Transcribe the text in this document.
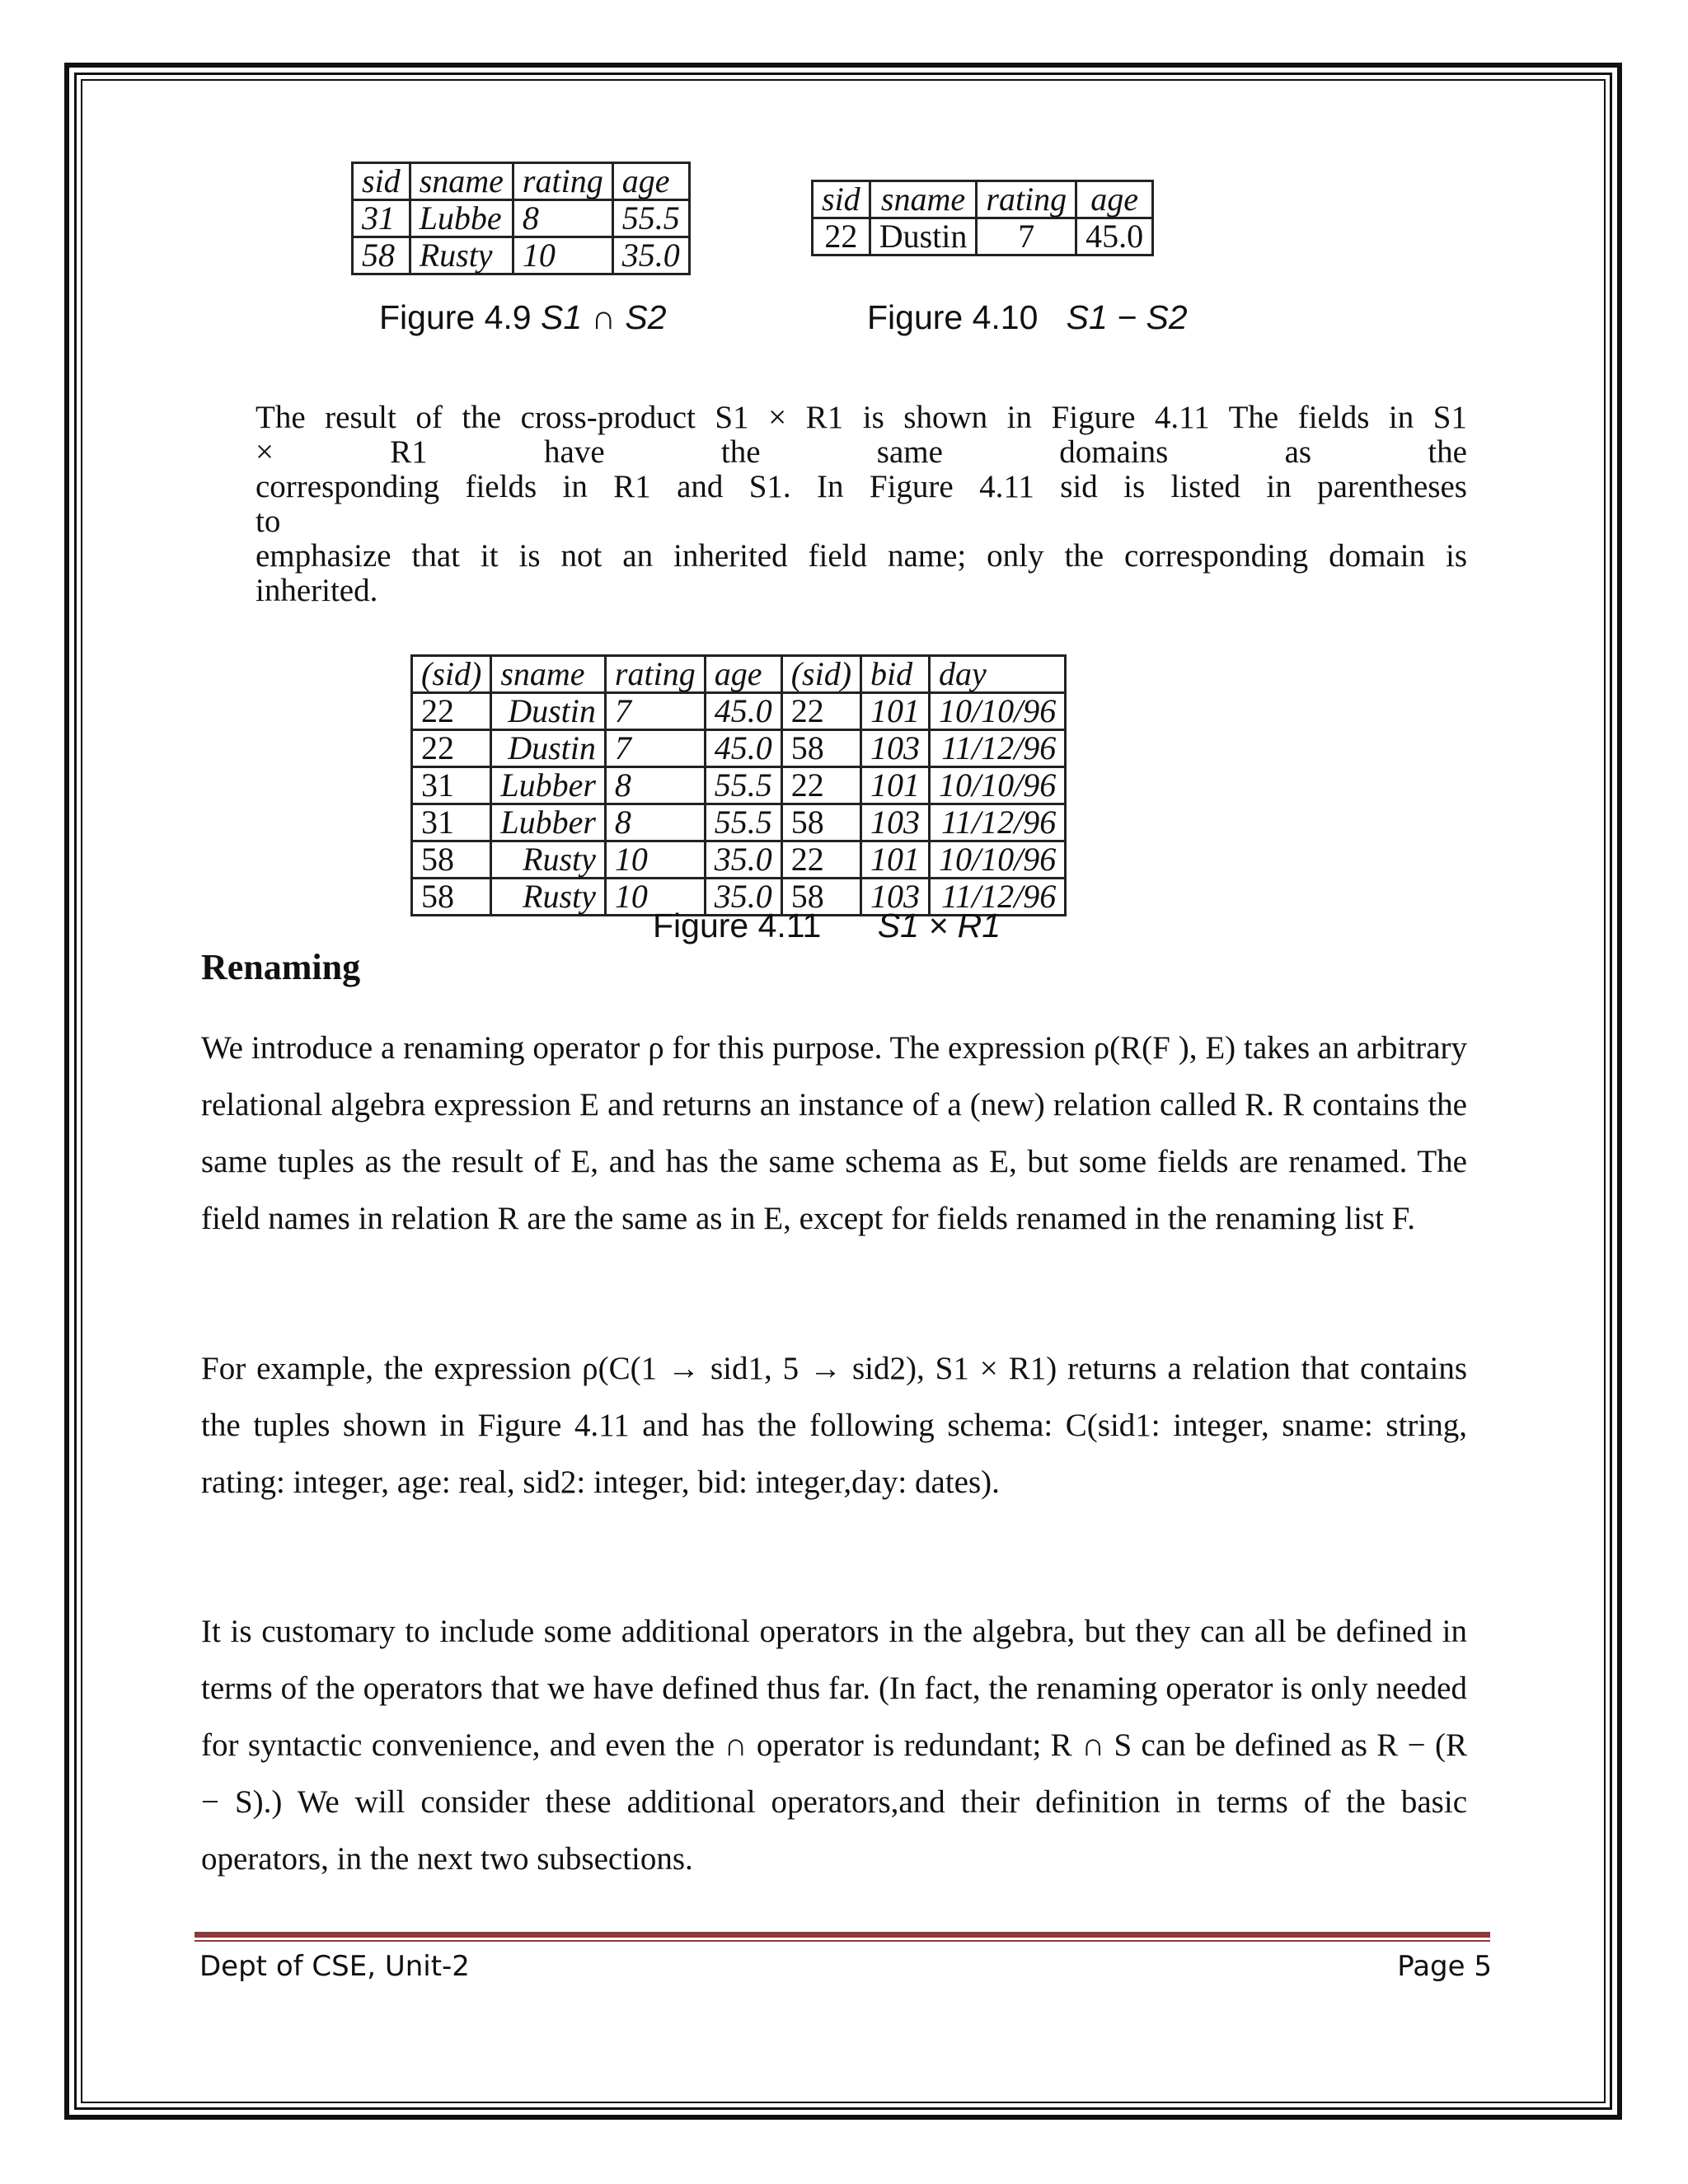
sid	sname	rating	age
31	Lubbe	8	55.5
58	Rusty	10	35.0
sid	sname	rating	age
22	Dustin	7	45.0
Figure 4.9 S1 ∩ S2	Figure 4.10 S1 − S2
The result of the cross-product S1 × R1 is shown in Figure 4.11 The fields in S1
× R1 have the same domains as the
corresponding fields in R1 and S1. In Figure 4.11 sid is listed in parentheses
to
emphasize that it is not an inherited field name; only the corresponding domain is
inherited.
(sid)	sname	rating	age	(sid)	bid	day
22	Dustin	7	45.0	22	101	10/10/96
22	Dustin	7	45.0	58	103	11/12/96
31	Lubber	8	55.5	22	101	10/10/96
31	Lubber	8	55.5	58	103	11/12/96
58	Rusty	10	35.0	22	101	10/10/96
58	Rusty	10	35.0	58	103	11/12/96
Figure 4.11 S1 × R1
Renaming

We introduce a renaming operator ρ for this purpose. The expression ρ(R(F ), E) takes an arbitrary relational algebra expression E and returns an instance of a (new) relation called R. R contains the same tuples as the result of E, and has the same schema as E, but some fields are renamed. The field names in relation R are the same as in E, except for fields renamed in the renaming list F.

For example, the expression ρ(C(1 → sid1, 5 → sid2), S1 × R1) returns a relation that contains the tuples shown in Figure 4.11 and has the following schema: C(sid1: integer, sname: string, rating: integer, age: real, sid2: integer, bid: integer,day: dates).

It is customary to include some additional operators in the algebra, but they can all be defined in terms of the operators that we have defined thus far. (In fact, the renaming operator is only needed for syntactic convenience, and even the ∩ operator is redundant; R ∩ S can be defined as R − (R − S).) We will consider these additional operators,and their definition in terms of the basic operators, in the next two subsections.

Dept of CSE, Unit-2	Page 5
